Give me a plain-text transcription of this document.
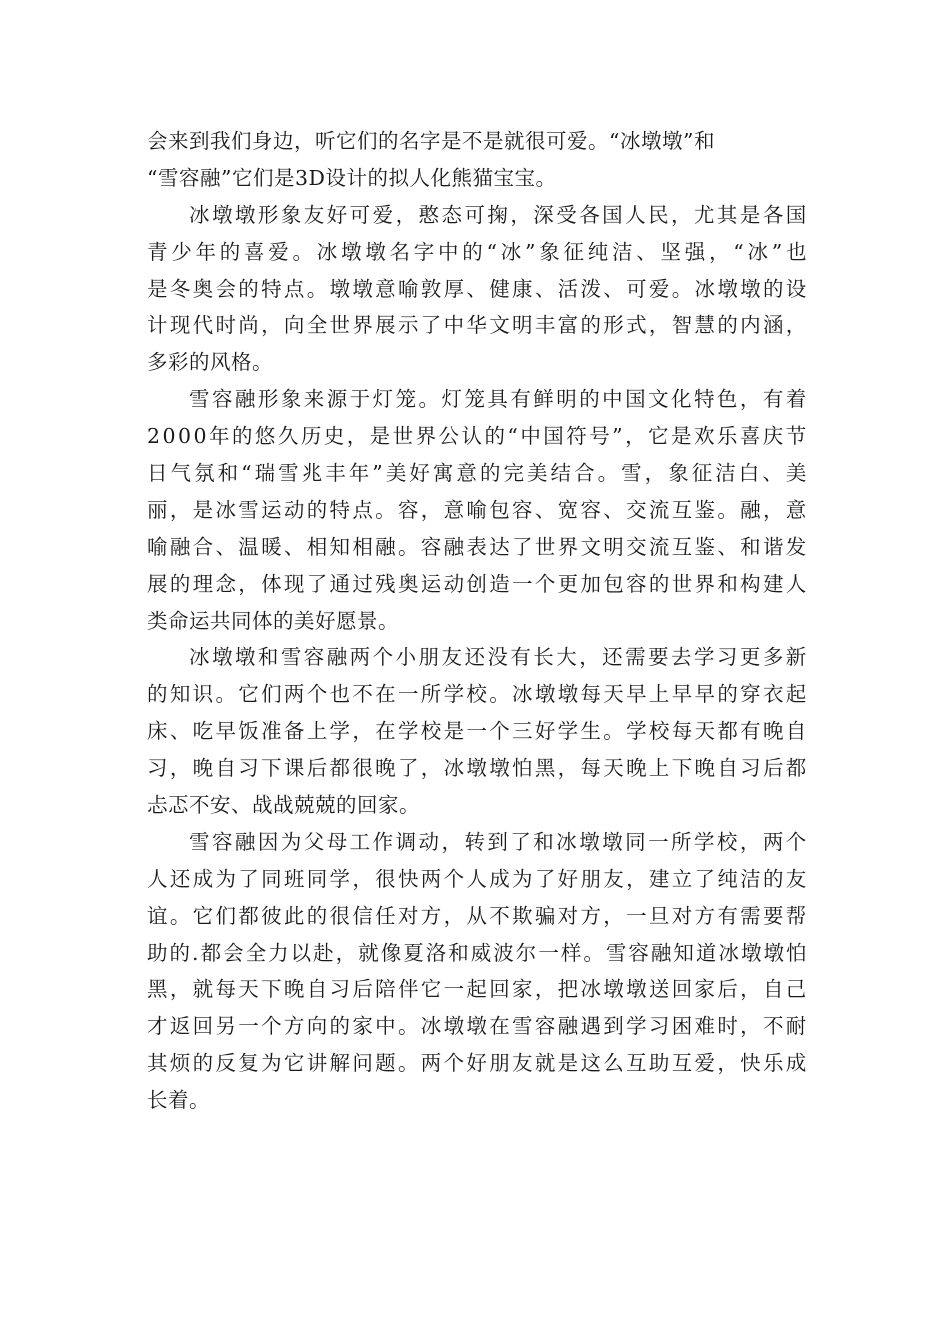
会来到我们身边，听它们的名字是不是就很可爱。“冰墩墩”和
“雪容融”它们是3D设计的拟人化熊猫宝宝。
冰 墩 墩 形 象 友 好 可 爱 ， 憨 态 可 掬 ， 深 受 各 国 人 民 ， 尤 其 是 各 国
青 少 年 的 喜 爱 。 冰 墩 墩 名 字 中 的 “ 冰 ” 象 征 纯 洁 、 坚 强 ， “ 冰 ” 也
是 冬 奥 会 的 特 点 。 墩 墩 意 喻 敦 厚 、 健 康 、 活 泼 、 可 爱 。 冰 墩 墩 的 设
计 现 代 时 尚 ， 向 全 世 界 展 示 了 中 华 文 明 丰 富 的 形 式 ， 智 慧 的 内 涵 ，
多彩的风格。
雪 容 融 形 象 来 源 于 灯 笼 。 灯 笼 具 有 鲜 明 的 中 国 文 化 特 色 ， 有 着
2 0 0 0 年 的 悠 久 历 史 ， 是 世 界 公 认 的 “ 中 国 符 号 ” ， 它 是 欢 乐 喜 庆 节
日 气 氛 和 “ 瑞 雪 兆 丰 年 ” 美 好 寓 意 的 完 美 结 合 。 雪 ， 象 征 洁 白 、 美
丽 ， 是 冰 雪 运 动 的 特 点 。 容 ， 意 喻 包 容 、 宽 容 、 交 流 互 鉴 。 融 ， 意
喻 融 合 、 温 暖 、 相 知 相 融 。 容 融 表 达 了 世 界 文 明 交 流 互 鉴 、 和 谐 发
展 的 理 念 ， 体 现 了 通 过 残 奥 运 动 创 造 一 个 更 加 包 容 的 世 界 和 构 建 人
类命运共同体的美好愿景。
冰 墩 墩 和 雪 容 融 两 个 小 朋 友 还 没 有 长 大 ， 还 需 要 去 学 习 更 多 新
的 知 识 。 它 们 两 个 也 不 在 一 所 学 校 。 冰 墩 墩 每 天 早 上 早 早 的 穿 衣 起
床 、 吃 早 饭 准 备 上 学 ， 在 学 校 是 一 个 三 好 学 生 。 学 校 每 天 都 有 晚 自
习 ， 晚 自 习 下 课 后 都 很 晚 了 ， 冰 墩 墩 怕 黑 ， 每 天 晚 上 下 晚 自 习 后 都
忐忑不安、战战兢兢的回家。
雪 容 融 因 为 父 母 工 作 调 动 ， 转 到 了 和 冰 墩 墩 同 一 所 学 校 ， 两 个
人 还 成 为 了 同 班 同 学 ， 很 快 两 个 人 成 为 了 好 朋 友 ， 建 立 了 纯 洁 的 友
谊 。 它 们 都 彼 此 的 很 信 任 对 方 ， 从 不 欺 骗 对 方 ， 一 旦 对 方 有 需 要 帮
助 的 . 都 会 全 力 以 赴 ， 就 像 夏 洛 和 威 波 尔 一 样 。 雪 容 融 知 道 冰 墩 墩 怕
黑 ， 就 每 天 下 晚 自 习 后 陪 伴 它 一 起 回 家 ， 把 冰 墩 墩 送 回 家 后 ， 自 己
才 返 回 另 一 个 方 向 的 家 中 。 冰 墩 墩 在 雪 容 融 遇 到 学 习 困 难 时 ， 不 耐
其 烦 的 反 复 为 它 讲 解 问 题 。 两 个 好 朋 友 就 是 这 么 互 助 互 爱 ， 快 乐 成
长着。
